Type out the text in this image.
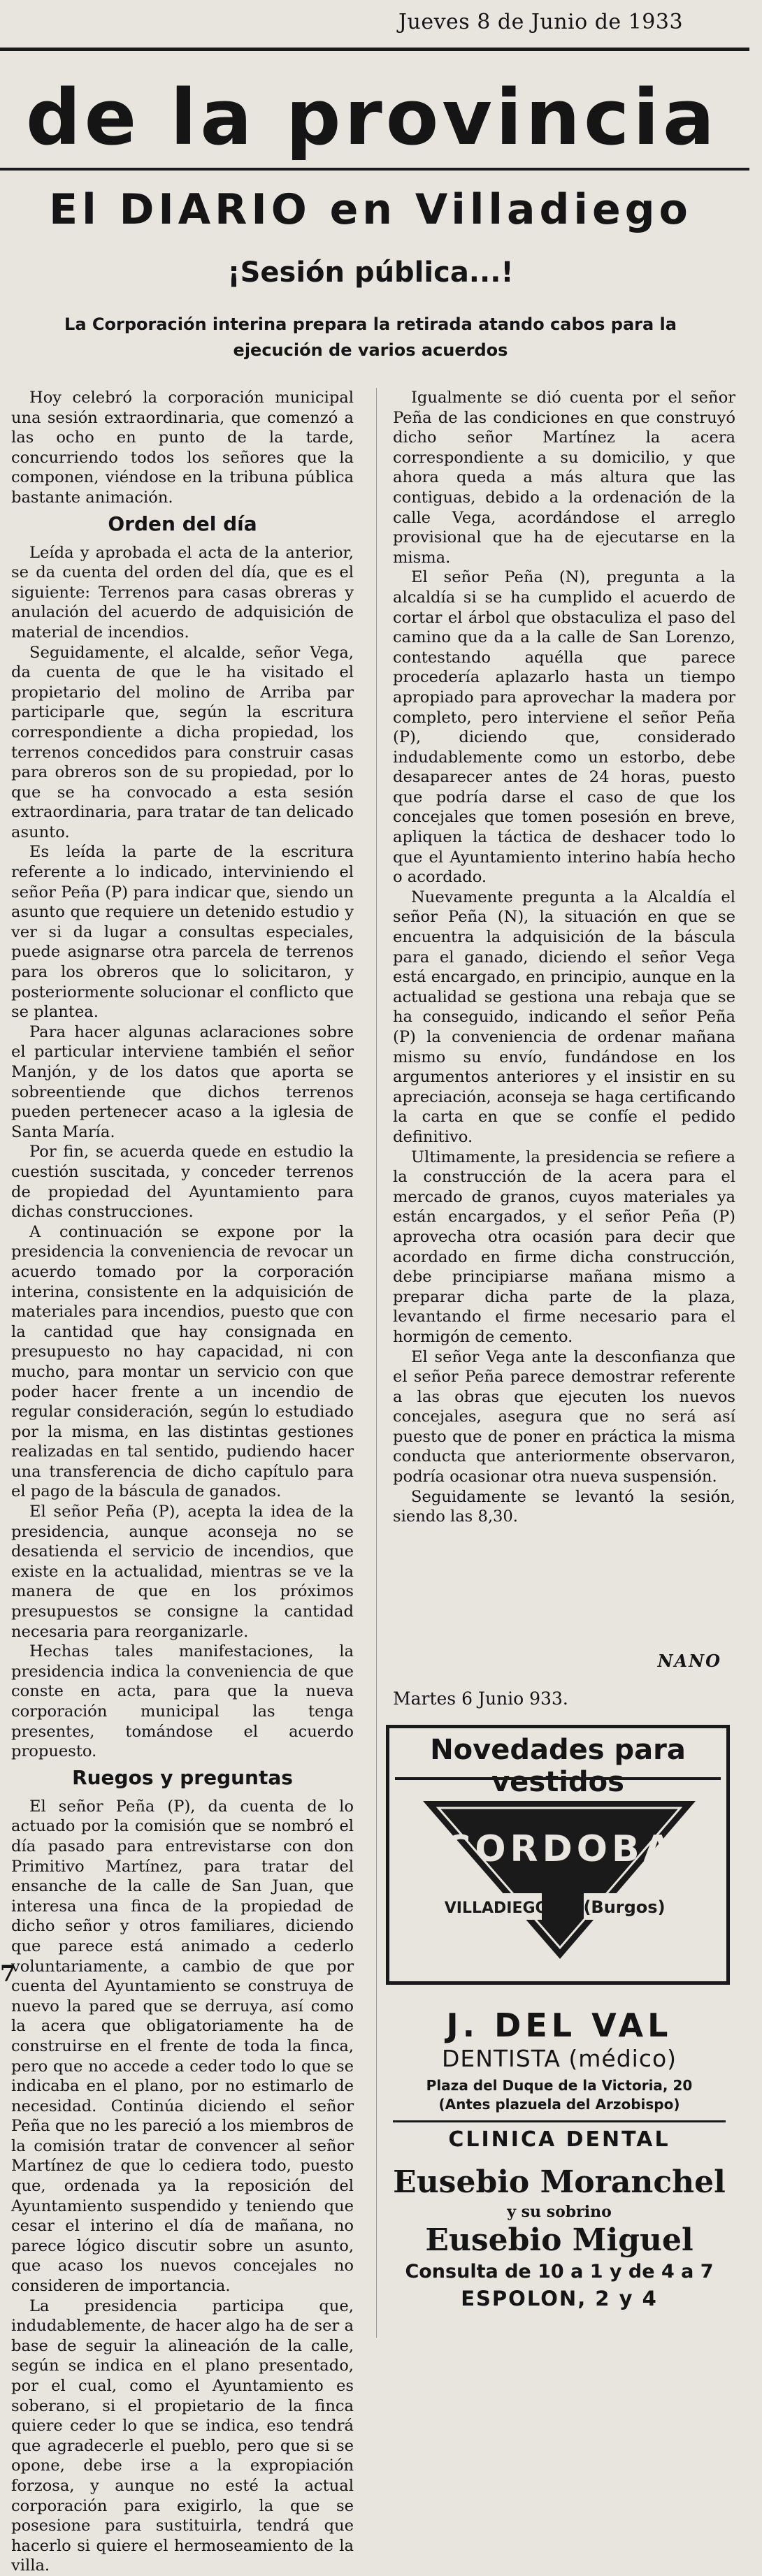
Jueves 8 de Junio de 1933
de la provincia
El DIARIO en Villadiego
¡Sesión pública...!
La Corporación interina prepara la retirada atando cabos para la ejecución de varios acuerdos

Hoy celebró la corporación municipal una sesión extraordinaria, que comenzó a las ocho en punto de la tarde, concurriendo todos los señores que la componen, viéndose en la tribuna pública bastante animación.

Orden del día

Leída y aprobada el acta de la anterior, se da cuenta del orden del día, que es el siguiente: Terrenos para casas obreras y anulación del acuerdo de adquisición de material de incendios.

Seguidamente, el alcalde, señor Vega, da cuenta de que le ha visitado el propietario del molino de Arriba par participarle que, según la escritura correspondiente a dicha propiedad, los terrenos concedidos para construir casas para obreros son de su propiedad, por lo que se ha convocado a esta sesión extraordinaria, para tratar de tan delicado asunto.

Es leída la parte de la escritura referente a lo indicado, interviniendo el señor Peña (P) para indicar que, siendo un asunto que requiere un detenido estudio y ver si da lugar a consultas especiales, puede asignarse otra parcela de terrenos para los obreros que lo solicitaron, y posteriormente solucionar el conflicto que se plantea.

Para hacer algunas aclaraciones sobre el particular interviene también el señor Manjón, y de los datos que aporta se sobreentiende que dichos terrenos pueden pertenecer acaso a la iglesia de Santa María.

Por fin, se acuerda quede en estudio la cuestión suscitada, y conceder terrenos de propiedad del Ayuntamiento para dichas construcciones.

A continuación se expone por la presidencia la conveniencia de revocar un acuerdo tomado por la corporación interina, consistente en la adquisición de materiales para incendios, puesto que con la cantidad que hay consignada en presupuesto no hay capacidad, ni con mucho, para montar un servicio con que poder hacer frente a un incendio de regular consideración, según lo estudiado por la misma, en las distintas gestiones realizadas en tal sentido, pudiendo hacer una transferencia de dicho capítulo para el pago de la báscula de ganados.

El señor Peña (P), acepta la idea de la presidencia, aunque aconseja no se desatienda el servicio de incendios, que existe en la actualidad, mientras se ve la manera de que en los próximos presupuestos se consigne la cantidad necesaria para reorganizarle.

Hechas tales manifestaciones, la presidencia indica la conveniencia de que conste en acta, para que la nueva corporación municipal las tenga presentes, tomándose el acuerdo propuesto.

Ruegos y preguntas

El señor Peña (P), da cuenta de lo actuado por la comisión que se nombró el día pasado para entrevistarse con don Primitivo Martínez, para tratar del ensanche de la calle de San Juan, que interesa una finca de la propiedad de dicho señor y otros familiares, diciendo que parece está animado a cederlo voluntariamente, a cambio de que por cuenta del Ayuntamiento se construya de nuevo la pared que se derruya, así como la acera que obligatoriamente ha de construirse en el frente de toda la finca, pero que no accede a ceder todo lo que se indicaba en el plano, por no estimarlo de necesidad. Continúa diciendo el señor Peña que no les pareció a los miembros de la comisión tratar de convencer al señor Martínez de que lo cediera todo, puesto que, ordenada ya la reposición del Ayuntamiento suspendido y teniendo que cesar el interino el día de mañana, no parece lógico discutir sobre un asunto, que acaso los nuevos concejales no consideren de importancia.

La presidencia participa que, indudablemente, de hacer algo ha de ser a base de seguir la alineación de la calle, según se indica en el plano presentado, por el cual, como el Ayuntamiento es soberano, si el propietario de la finca quiere ceder lo que se indica, eso tendrá que agradecerle el pueblo, pero que si se opone, debe irse a la expropiación forzosa, y aunque no esté la actual corporación para exigirlo, la que se posesione para sustituirla, tendrá que hacerlo si quiere el hermoseamiento de la villa.

Igualmente se dió cuenta por el señor Peña de las condiciones en que construyó dicho señor Martínez la acera correspondiente a su domicilio, y que ahora queda a más altura que las contiguas, debido a la ordenación de la calle Vega, acordándose el arreglo provisional que ha de ejecutarse en la misma.

El señor Peña (N), pregunta a la alcaldía si se ha cumplido el acuerdo de cortar el árbol que obstaculiza el paso del camino que da a la calle de San Lorenzo, contestando aquélla que parece procedería aplazarlo hasta un tiempo apropiado para aprovechar la madera por completo, pero interviene el señor Peña (P), diciendo que, considerado indudablemente como un estorbo, debe desaparecer antes de 24 horas, puesto que podría darse el caso de que los concejales que tomen posesión en breve, apliquen la táctica de deshacer todo lo que el Ayuntamiento interino había hecho o acordado.

Nuevamente pregunta a la Alcaldía el señor Peña (N), la situación en que se encuentra la adquisición de la báscula para el ganado, diciendo el señor Vega está encargado, en principio, aunque en la actualidad se gestiona una rebaja que se ha conseguido, indicando el señor Peña (P) la conveniencia de ordenar mañana mismo su envío, fundándose en los argumentos anteriores y el insistir en su apreciación, aconseja se haga certificando la carta en que se confíe el pedido definitivo.

Ultimamente, la presidencia se refiere a la construcción de la acera para el mercado de granos, cuyos materiales ya están encargados, y el señor Peña (P) aprovecha otra ocasión para decir que acordado en firme dicha construcción, debe principiarse mañana mismo a preparar dicha parte de la plaza, levantando el firme necesario para el hormigón de cemento.

El señor Vega ante la desconfianza que el señor Peña parece demostrar referente a las obras que ejecuten los nuevos concejales, asegura que no será así puesto que de poner en práctica la misma conducta que anteriormente observaron, podría ocasionar otra nueva suspensión.

Seguidamente se levantó la sesión, siendo las 8,30.

Martes 6 Junio 933.
NANO
Novedades para vestidos
CORDOBA
VILLADIEGO (Burgos)
J. DEL VAL
DENTISTA (médico)
Plaza del Duque de la Victoria, 20
(Antes plazuela del Arzobispo)
CLINICA DENTAL
Eusebio Moranchel
y su sobrino
Eusebio Miguel
Consulta de 10 a 1 y de 4 a 7
ESPOLON, 2 y 4
7
